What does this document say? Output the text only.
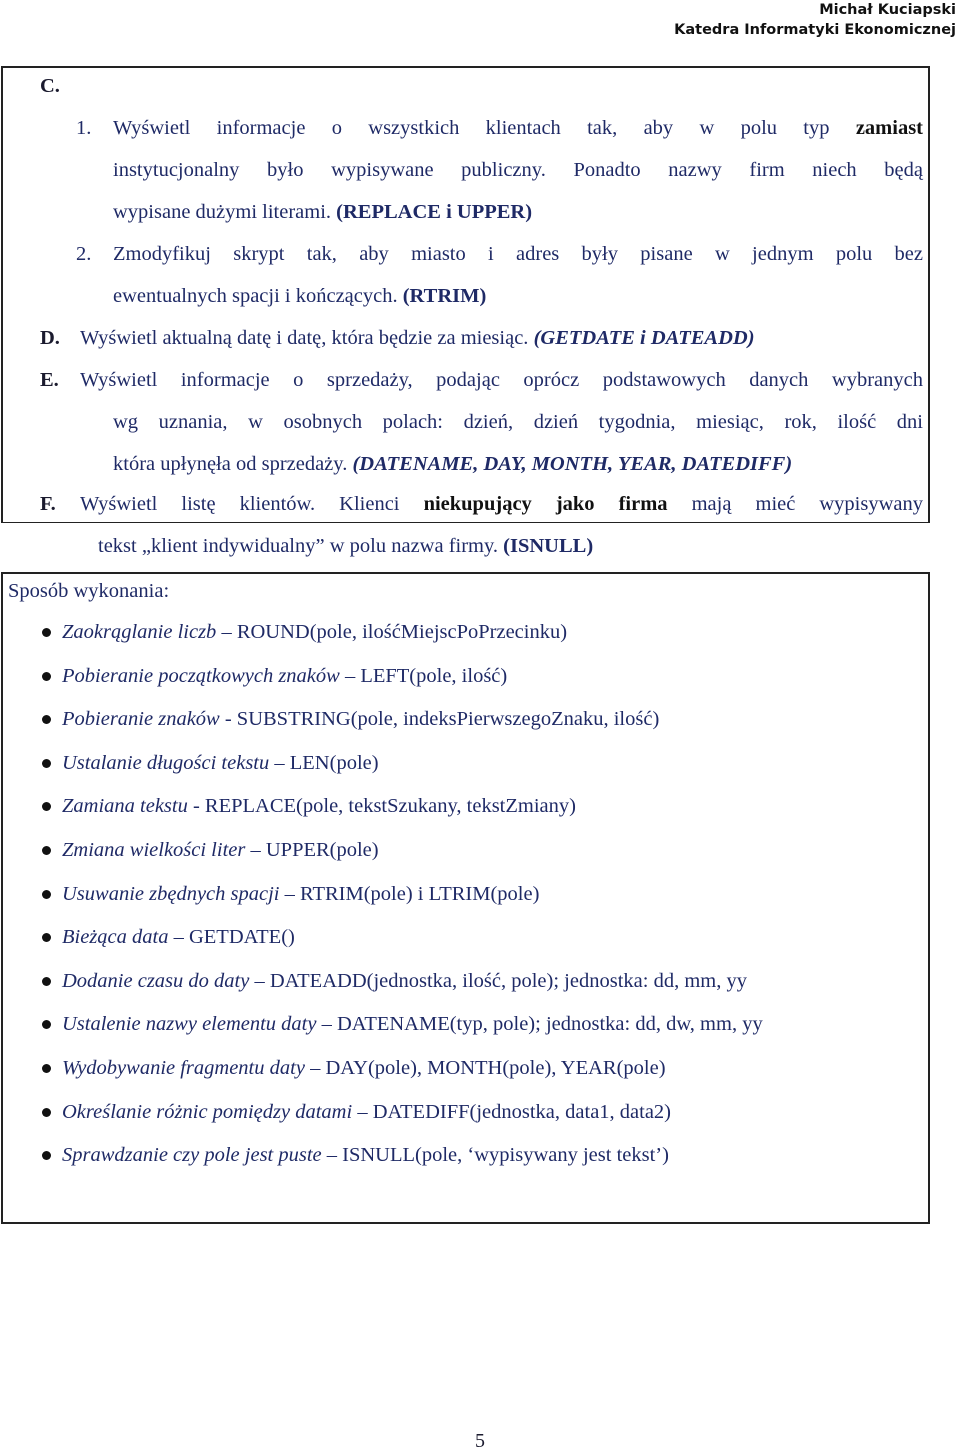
Michał Kuciapski
Katedra Informatyki Ekonomicznej
C.
1. Wyświetl informacje o wszystkich klientach tak, aby w polu typ zamiast
instytucjonalny było wypisywane publiczny. Ponadto nazwy firm niech będą
wypisane dużymi literami. (REPLACE i UPPER)
2. Zmodyfikuj skrypt tak, aby miasto i adres były pisane w jednym polu bez
ewentualnych spacji i kończących. (RTRIM)
D. Wyświetl aktualną datę i datę, która będzie za miesiąc. (GETDATE i DATEADD)
E. Wyświetl informacje o sprzedaży, podając oprócz podstawowych danych wybranych
wg uznania, w osobnych polach: dzień, dzień tygodnia, miesiąc, rok, ilość dni
która upłynęła od sprzedaży. (DATENAME, DAY, MONTH, YEAR, DATEDIFF)
F. Wyświetl listę klientów. Klienci niekupujący jako firma mają mieć wypisywany
tekst „klient indywidualny” w polu nazwa firmy. (ISNULL)
Sposób wykonania:
Zaokrąglanie liczb – ROUND(pole, ilośćMiejscPoPrzecinku)
Pobieranie początkowych znaków – LEFT(pole, ilość)
Pobieranie znaków - SUBSTRING(pole, indeksPierwszegoZnaku, ilość)
Ustalanie długości tekstu – LEN(pole)
Zamiana tekstu - REPLACE(pole, tekstSzukany, tekstZmiany)
Zmiana wielkości liter – UPPER(pole)
Usuwanie zbędnych spacji – RTRIM(pole) i LTRIM(pole)
Bieżąca data – GETDATE()
Dodanie czasu do daty – DATEADD(jednostka, ilość, pole); jednostka: dd, mm, yy
Ustalenie nazwy elementu daty – DATENAME(typ, pole); jednostka: dd, dw, mm, yy
Wydobywanie fragmentu daty – DAY(pole), MONTH(pole), YEAR(pole)
Określanie różnic pomiędzy datami – DATEDIFF(jednostka, data1, data2)
Sprawdzanie czy pole jest puste – ISNULL(pole, ‘wypisywany jest tekst’)
5
